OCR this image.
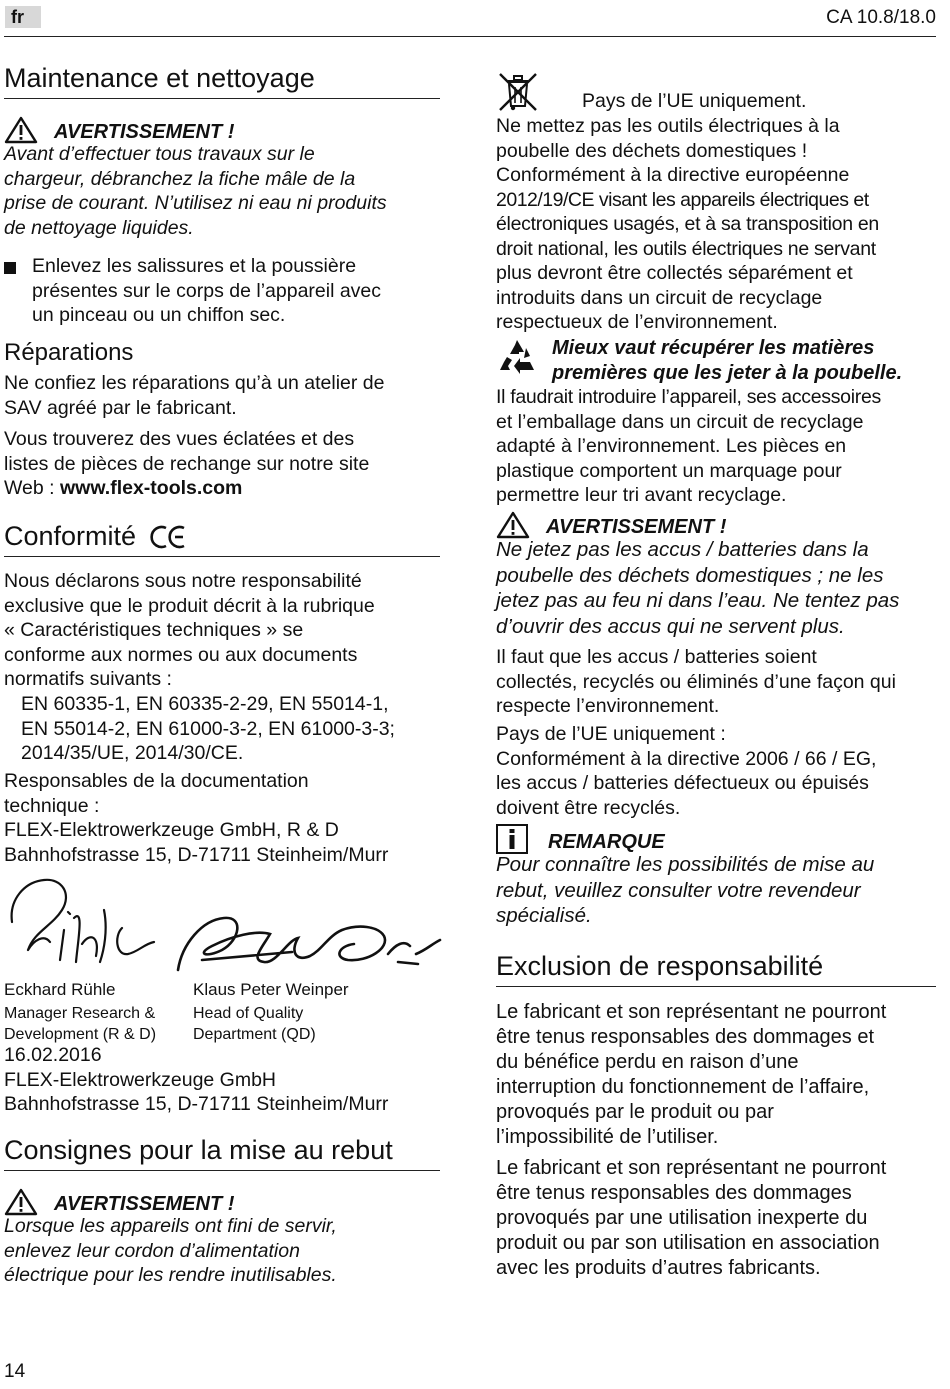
fr	CA 10.8/18.0
Maintenance et nettoyage
AVERTISSEMENT !
Avant d’effectuer tous travaux sur le
chargeur, débranchez la fiche mâle de la
prise de courant. N’utilisez ni eau ni produits
de nettoyage liquides.
Enlevez les salissures et la poussière
présentes sur le corps de l’appareil avec
un pinceau ou un chiffon sec.
Réparations
Ne confiez les réparations qu’à un atelier de
SAV agréé par le fabricant.
Vous trouverez des vues éclatées et des
listes de pièces de rechange sur notre site
Web : www.flex-tools.com
Conformité
Nous déclarons sous notre responsabilité
exclusive que le produit décrit à la rubrique
« Caractéristiques techniques » se
conforme aux normes ou aux documents
normatifs suivants :
EN 60335-1, EN 60335-2-29, EN 55014-1,
EN 55014-2, EN 61000-3-2, EN 61000-3-3;
2014/35/UE, 2014/30/CE.
Responsables de la documentation
technique :
FLEX-Elektrowerkzeuge GmbH, R & D
Bahnhofstrasse 15, D-71711 Steinheim/Murr
Eckhard Rühle
Manager Research &
Development (R & D)
Klaus Peter Weinper
Head of Quality
Department (QD)
16.02.2016
FLEX-Elektrowerkzeuge GmbH
Bahnhofstrasse 15, D-71711 Steinheim/Murr
Consignes pour la mise au rebut
AVERTISSEMENT !
Lorsque les appareils ont fini de servir,
enlevez leur cordon d’alimentation
électrique pour les rendre inutilisables.
Pays de l’UE uniquement.
Ne mettez pas les outils électriques à la
poubelle des déchets domestiques !
Conformément à la directive européenne
2012/19/CE visant les appareils électriques et
électroniques usagés, et à sa transposition en
droit national, les outils électriques ne servant
plus devront être collectés séparément et
introduits dans un circuit de recyclage
respectueux de l’environnement.
Mieux vaut récupérer les matières
premières que les jeter à la poubelle.
Il faudrait introduire l’appareil, ses accessoires
et l’emballage dans un circuit de recyclage
adapté à l’environnement. Les pièces en
plastique comportent un marquage pour
permettre leur tri avant recyclage.
AVERTISSEMENT !
Ne jetez pas les accus / batteries dans la
poubelle des déchets domestiques ; ne les
jetez pas au feu ni dans l’eau. Ne tentez pas
d’ouvrir des accus qui ne servent plus.
Il faut que les accus / batteries soient
collectés, recyclés ou éliminés d’une façon qui
respecte l’environnement.
Pays de l’UE uniquement :
Conformément à la directive 2006 / 66 / EG,
les accus / batteries défectueux ou épuisés
doivent être recyclés.
REMARQUE
Pour connaître les possibilités de mise au
rebut, veuillez consulter votre revendeur
spécialisé.
Exclusion de responsabilité
Le fabricant et son représentant ne pourront
être tenus responsables des dommages et
du bénéfice perdu en raison d’une
interruption du fonctionnement de l’affaire,
provoqués par le produit ou par
l’impossibilité de l’utiliser.
Le fabricant et son représentant ne pourront
être tenus responsables des dommages
provoqués par une utilisation inexperte du
produit ou par son utilisation en association
avec les produits d’autres fabricants.
14
